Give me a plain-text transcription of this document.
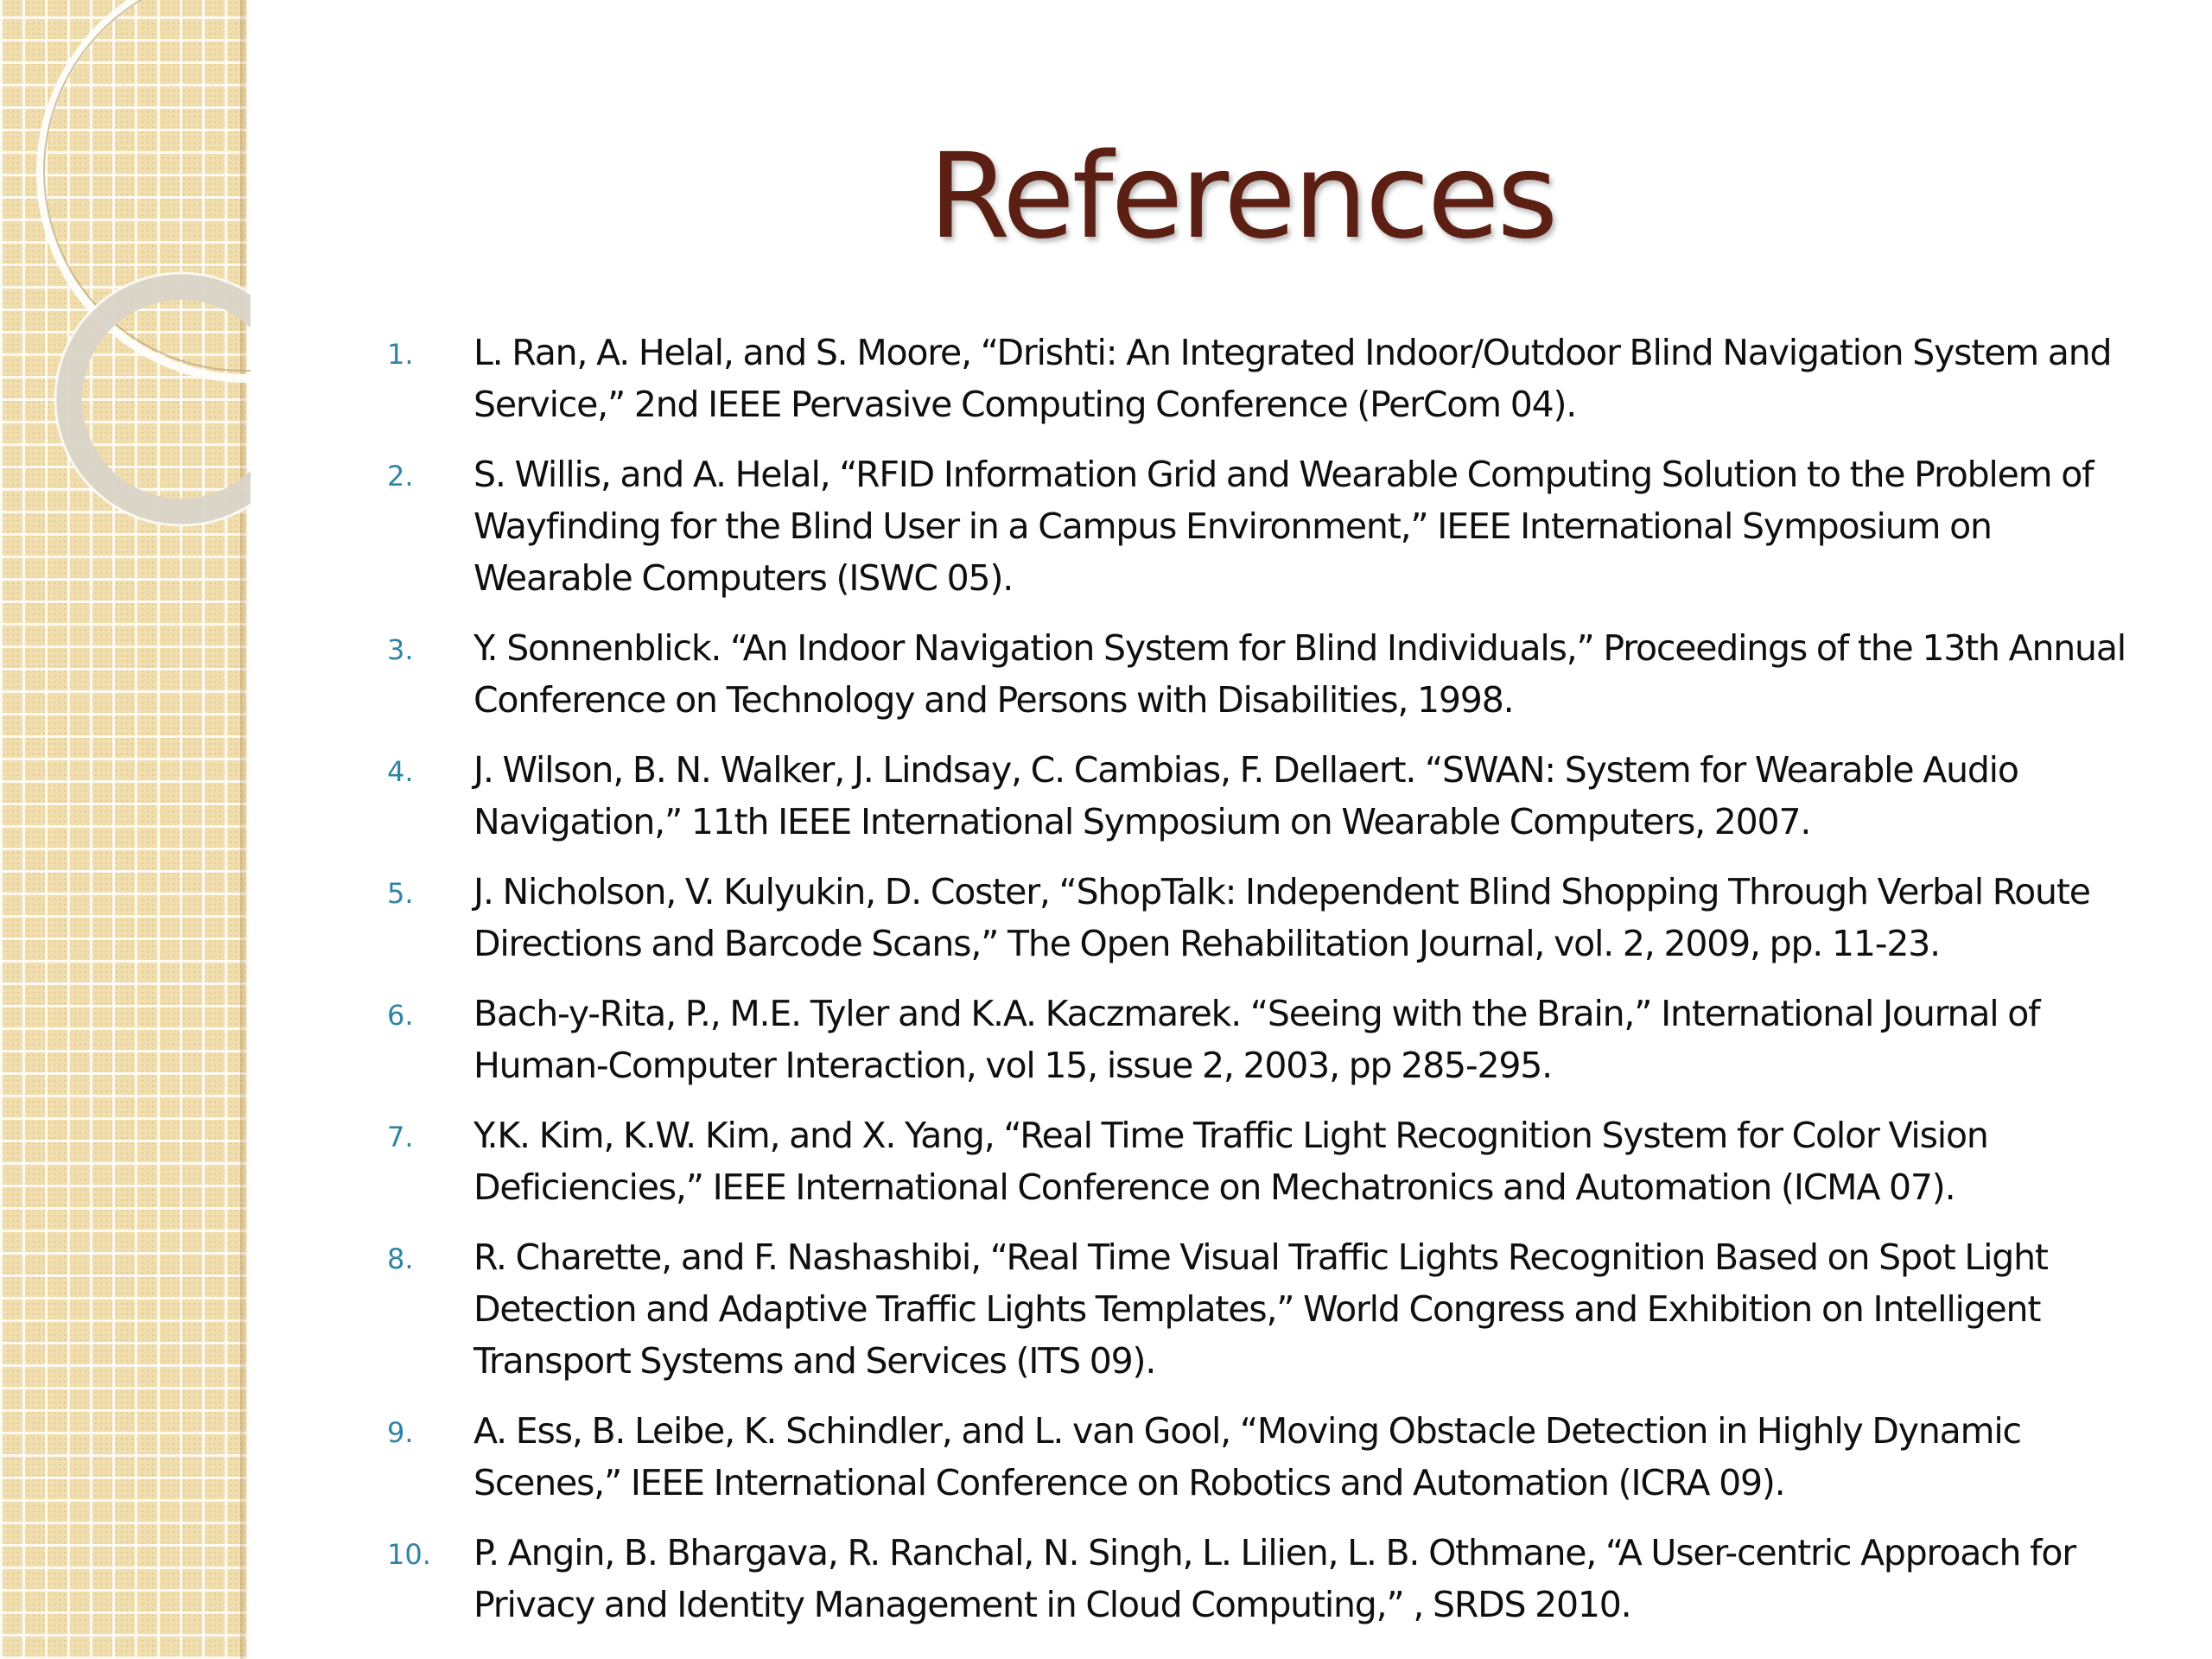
References
1. L. Ran, A. Helal, and S. Moore, “Drishti: An Integrated Indoor/Outdoor Blind Navigation System and Service,” 2nd IEEE Pervasive Computing Conference (PerCom 04).
2. S. Willis, and A. Helal, “RFID Information Grid and Wearable Computing Solution to the Problem of Wayfinding for the Blind User in a Campus Environment,” IEEE International Symposium on Wearable Computers (ISWC 05).
3. Y. Sonnenblick. “An Indoor Navigation System for Blind Individuals,” Proceedings of the 13th Annual Conference on Technology and Persons with Disabilities, 1998.
4. J. Wilson, B. N. Walker, J. Lindsay, C. Cambias, F. Dellaert. “SWAN: System for Wearable Audio Navigation,” 11th IEEE International Symposium on Wearable Computers, 2007.
5. J. Nicholson, V. Kulyukin, D. Coster, “ShopTalk: Independent Blind Shopping Through Verbal Route Directions and Barcode Scans,” The Open Rehabilitation Journal, vol. 2, 2009, pp. 11-23.
6. Bach-y-Rita, P., M.E. Tyler and K.A. Kaczmarek. “Seeing with the Brain,” International Journal of Human-Computer Interaction, vol 15, issue 2, 2003, pp 285-295.
7. Y.K. Kim, K.W. Kim, and X. Yang, “Real Time Traffic Light Recognition System for Color Vision Deficiencies,” IEEE International Conference on Mechatronics and Automation (ICMA 07).
8. R. Charette, and F. Nashashibi, “Real Time Visual Traffic Lights Recognition Based on Spot Light Detection and Adaptive Traffic Lights Templates,” World Congress and Exhibition on Intelligent Transport Systems and Services (ITS 09).
9. A. Ess, B. Leibe, K. Schindler, and L. van Gool, “Moving Obstacle Detection in Highly Dynamic Scenes,” IEEE International Conference on Robotics and Automation (ICRA 09).
10. P. Angin, B. Bhargava, R. Ranchal, N. Singh, L. Lilien, L. B. Othmane, “A User-centric Approach for Privacy and Identity Management in Cloud Computing,” , SRDS 2010.
